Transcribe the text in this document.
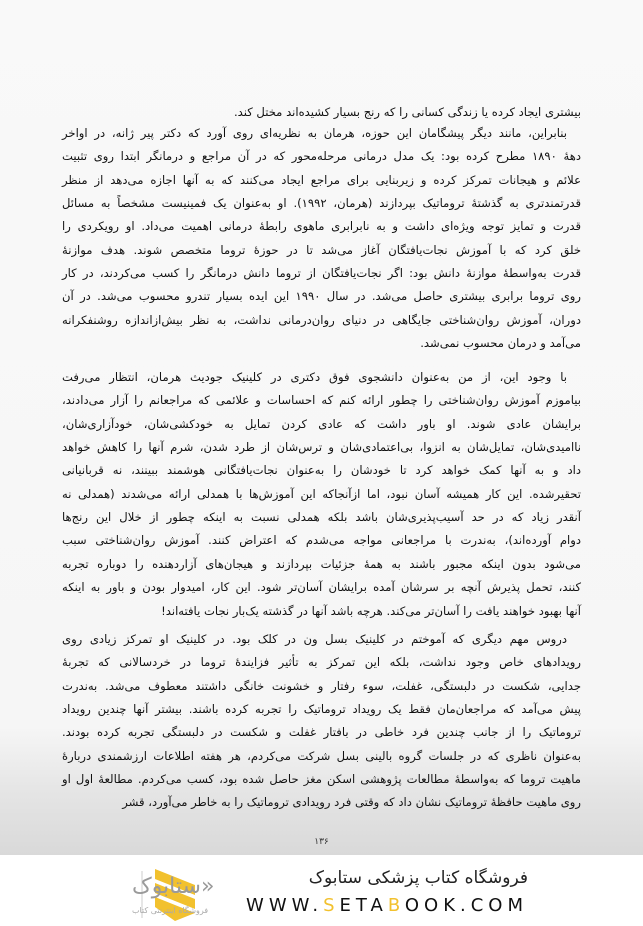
بیشتری ایجاد کرده یا زندگی کسانی را که رنج بسیار کشیده‌اند مختل کند.
بنابراین، مانند دیگر پیشگامان این حوزه، هرمان به نظریه‌ای روی آورد که دکتر پیر ژانه، در اواخر
دههٔ ۱۸۹۰ مطرح کرده بود: یک مدل درمانی مرحله‌محور که در آن مراجع و درمانگر ابتدا روی تثبیت
علائم و هیجانات تمرکز کرده و زیربنایی برای مراجع ایجاد می‌کنند که به آنها اجازه می‌دهد از منظر
قدرتمندتری به گذشتهٔ تروماتیک بپردازند (هرمان، ۱۹۹۲). او به‌عنوان یک فمینیست مشخصاً به مسائل
قدرت و تمایز توجه ویژه‌ای داشت و به نابرابری ماهوی رابطهٔ درمانی اهمیت می‌داد. او رویکردی را
خلق کرد که با آموزش نجات‌یافتگان آغاز می‌شد تا در حوزهٔ تروما متخصص شوند. هدف موازنهٔ
قدرت به‌واسطهٔ موازنهٔ دانش بود: اگر نجات‌یافتگان از تروما دانش درمانگر را کسب می‌کردند، در کار
روی تروما برابری بیشتری حاصل می‌شد. در سال ۱۹۹۰ این ایده بسیار تندرو محسوب می‌شد. در آن
دوران، آموزش روان‌شناختی جایگاهی در دنیای روان‌درمانی نداشت، به نظر بیش‌ازاندازه روشنفکرانه
می‌آمد و درمان محسوب نمی‌شد.
با وجود این، از من به‌عنوان دانشجوی فوق دکتری در کلینیک جودیث هرمان، انتظار می‌رفت
بیاموزم آموزش روان‌شناختی را چطور ارائه کنم که احساسات و علائمی که مراجعانم را آزار می‌دادند،
برایشان عادی شوند. او باور داشت که عادی کردن تمایل به خودکشی‌شان، خودآزاری‌شان،
ناامیدی‌شان، تمایل‌شان به انزوا، بی‌اعتمادی‌شان و ترس‌شان از طرد شدن، شرم آنها را کاهش خواهد
داد و به آنها کمک خواهد کرد تا خودشان را به‌عنوان نجات‌یافتگانی هوشمند ببینند، نه قربانیانی
تحقیرشده. این کار همیشه آسان نبود، اما ازآنجاکه این آموزش‌ها با همدلی ارائه می‌شدند (همدلی نه
آنقدر زیاد که در حد آسیب‌پذیری‌شان باشد بلکه همدلی نسبت به اینکه چطور از خلال این رنج‌ها
دوام آورده‌اند)، به‌ندرت با مراجعانی مواجه می‌شدم که اعتراض کنند. آموزش روان‌شناختی سبب
می‌شود بدون اینکه مجبور باشند به همهٔ جزئیات بپردازند و هیجان‌های آزاردهنده را دوباره تجربه
کنند، تحمل پذیرش آنچه بر سرشان آمده برایشان آسان‌تر شود. این کار، امیدوار بودن و باور به اینکه
آنها بهبود خواهند یافت را آسان‌تر می‌کند. هرچه باشد آنها در گذشته یک‌بار نجات یافته‌اند!
دروس مهم دیگری که آموختم در کلینیک بسل ون در کلک بود. در کلینیک او تمرکز زیادی روی
رویدادهای خاص وجود نداشت، بلکه این تمرکز به تأثیر فزایندهٔ تروما در خردسالانی که تجربهٔ
جدایی، شکست در دلبستگی، غفلت، سوء رفتار و خشونت خانگی داشتند معطوف می‌شد. به‌ندرت
پیش می‌آمد که مراجعان‌مان فقط یک رویداد تروماتیک را تجربه کرده باشند. بیشتر آنها چندین رویداد
تروماتیک را از جانب چندین فرد خاطی در بافتار غفلت و شکست در دلبستگی تجربه کرده بودند.
به‌عنوان ناظری که در جلسات گروه بالینی بسل شرکت می‌کردم، هر هفته اطلاعات ارزشمندی دربارهٔ
ماهیت تروما که به‌واسطهٔ مطالعات پژوهشی اسکن مغز حاصل شده بود، کسب می‌کردم. مطالعهٔ اول او
روی ماهیت حافظهٔ تروماتیک نشان داد که وقتی فرد رویدادی تروماتیک را به خاطر می‌آورد، قشر
۱۳۶
«ستابوک
فروشگاه اینترنتی کتاب
فروشگاه کتاب پزشکی ستابوک
WWW.SETABOOK.COM
